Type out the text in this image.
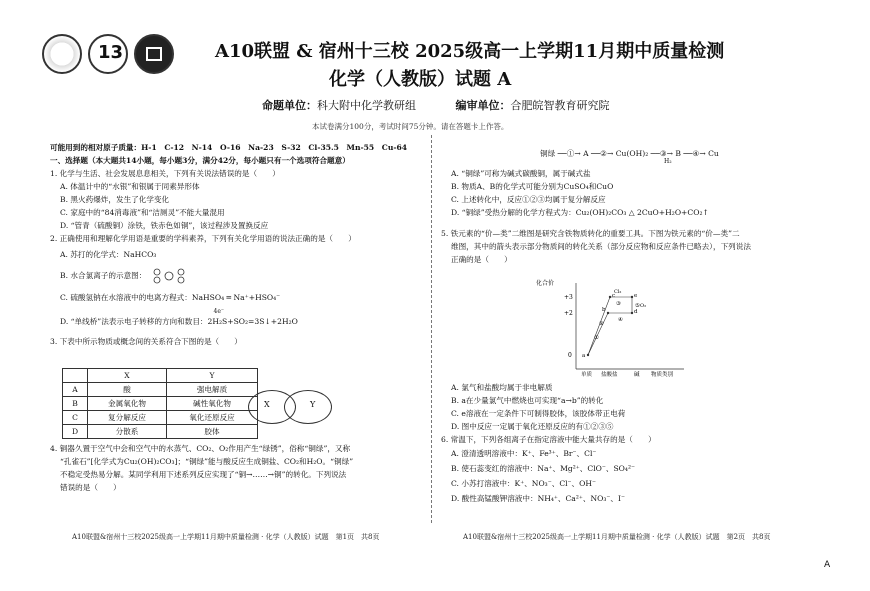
13	A10联盟 & 宿州十三校 2025级高一上学期11月期中质量检测
化学（人教版）试题 A
命题单位：科大附中化学教研组	编审单位：合肥皖智教育研究院
本试卷满分100分，考试时间75分钟。请在答题卡上作答。

可能用到的相对原子质量：H-1　C-12　N-14　O-16　Na-23　S-32　Cl-35.5　Mn-55　Cu-64

一、选择题（本大题共14小题，每小题3分，满分42分，每小题只有一个选项符合题意）

1. 化学与生活、社会发展息息相关，下列有关说法错误的是（　　）

A. 体温计中的“水银”和银属于同素异形体

B. 黑火药爆炸，发生了化学变化

C. 家庭中的“84消毒液”和“洁厕灵”不能大量混用

D. “管青（硫酸铜）涂铁，铁赤色如铜”，该过程涉及置换反应

2. 正确使用和理解化学用语是重要的学科素养，下列有关化学用语的说法正确的是（　　）

A. 苏打的化学式：NaHCO₃

B. 水合氯离子的示意图：

C. 硫酸氢钠在水溶液中的电离方程式：NaHSO₄ ═ Na⁺+HSO₄⁻

D. “单线桥”法表示电子转移的方向和数目：
4e⁻
2H₂S+SO₂=3S↓+2H₂O

3. 下表中所示物质或概念间的关系符合下图的是（　　）

	X	Y
A	酸	强电解质
B	金属氧化物	碱性氧化物
C	复分解反应	氧化还原反应
D	分散系	胶体
X	Y

4. 铜器久置于空气中会和空气中的水蒸气、CO₂、O₂作用产生“绿锈”，俗称“铜绿”，又称

“孔雀石”[化学式为Cu₂(OH)₂CO₃]；“铜绿”能与酸反应生成铜盐、CO₂和H₂O。“铜绿”

不稳定受热易分解。某同学利用下述系列反应实现了“铜→……→铜”的转化。下列说法

错误的是（　　）

铜绿 ──①→ A ──②→ Cu(OH)₂ ──③→ B ──④→ Cu
H₂

A. “铜绿”可称为碱式碳酸铜，属于碱式盐

B. 物质A、B的化学式可能分别为CuSO₄和CuO

C. 上述转化中，反应①②③均属于复分解反应

D. “铜绿”受热分解的化学方程式为：Cu₂(OH)₂CO₃ △ 2CuO+H₂O+CO₂↑

5. 铁元素的“价—类”二维图是研究含铁物质转化的重要工具。下图为铁元素的“价—类”二

维图，其中的箭头表示部分物质间的转化关系（部分反应物和反应条件已略去），下列说法

正确的是（　　）

化合价
+3
+2
0
单质 盐酸盐	碱 物质类别
a
b
c
d
e
①
②
③
④
⑤
Cl₂
O₂

A. 氯气和盐酸均属于非电解质

B. a在少量氯气中燃烧也可实现“a→b”的转化

C. e溶液在一定条件下可制得胶体，该胶体带正电荷

D. 图中反应一定属于氧化还原反应的有①②③⑤

6. 常温下，下列各组离子在指定溶液中能大量共存的是（　　）

A. 澄清透明溶液中：K⁺、Fe³⁺、Br⁻、Cl⁻

B. 使石蕊变红的溶液中：Na⁺、Mg²⁺、ClO⁻、SO₄²⁻

C. 小苏打溶液中：K⁺、NO₃⁻、Cl⁻、OH⁻

D. 酸性高锰酸钾溶液中：NH₄⁺、Ca²⁺、NO₃⁻、I⁻

A10联盟&宿州十三校2025级高一上学期11月期中质量检测 · 化学（人教版）试题　第1页　共8页	A10联盟&宿州十三校2025级高一上学期11月期中质量检测 · 化学（人教版）试题　第2页　共8页
A
